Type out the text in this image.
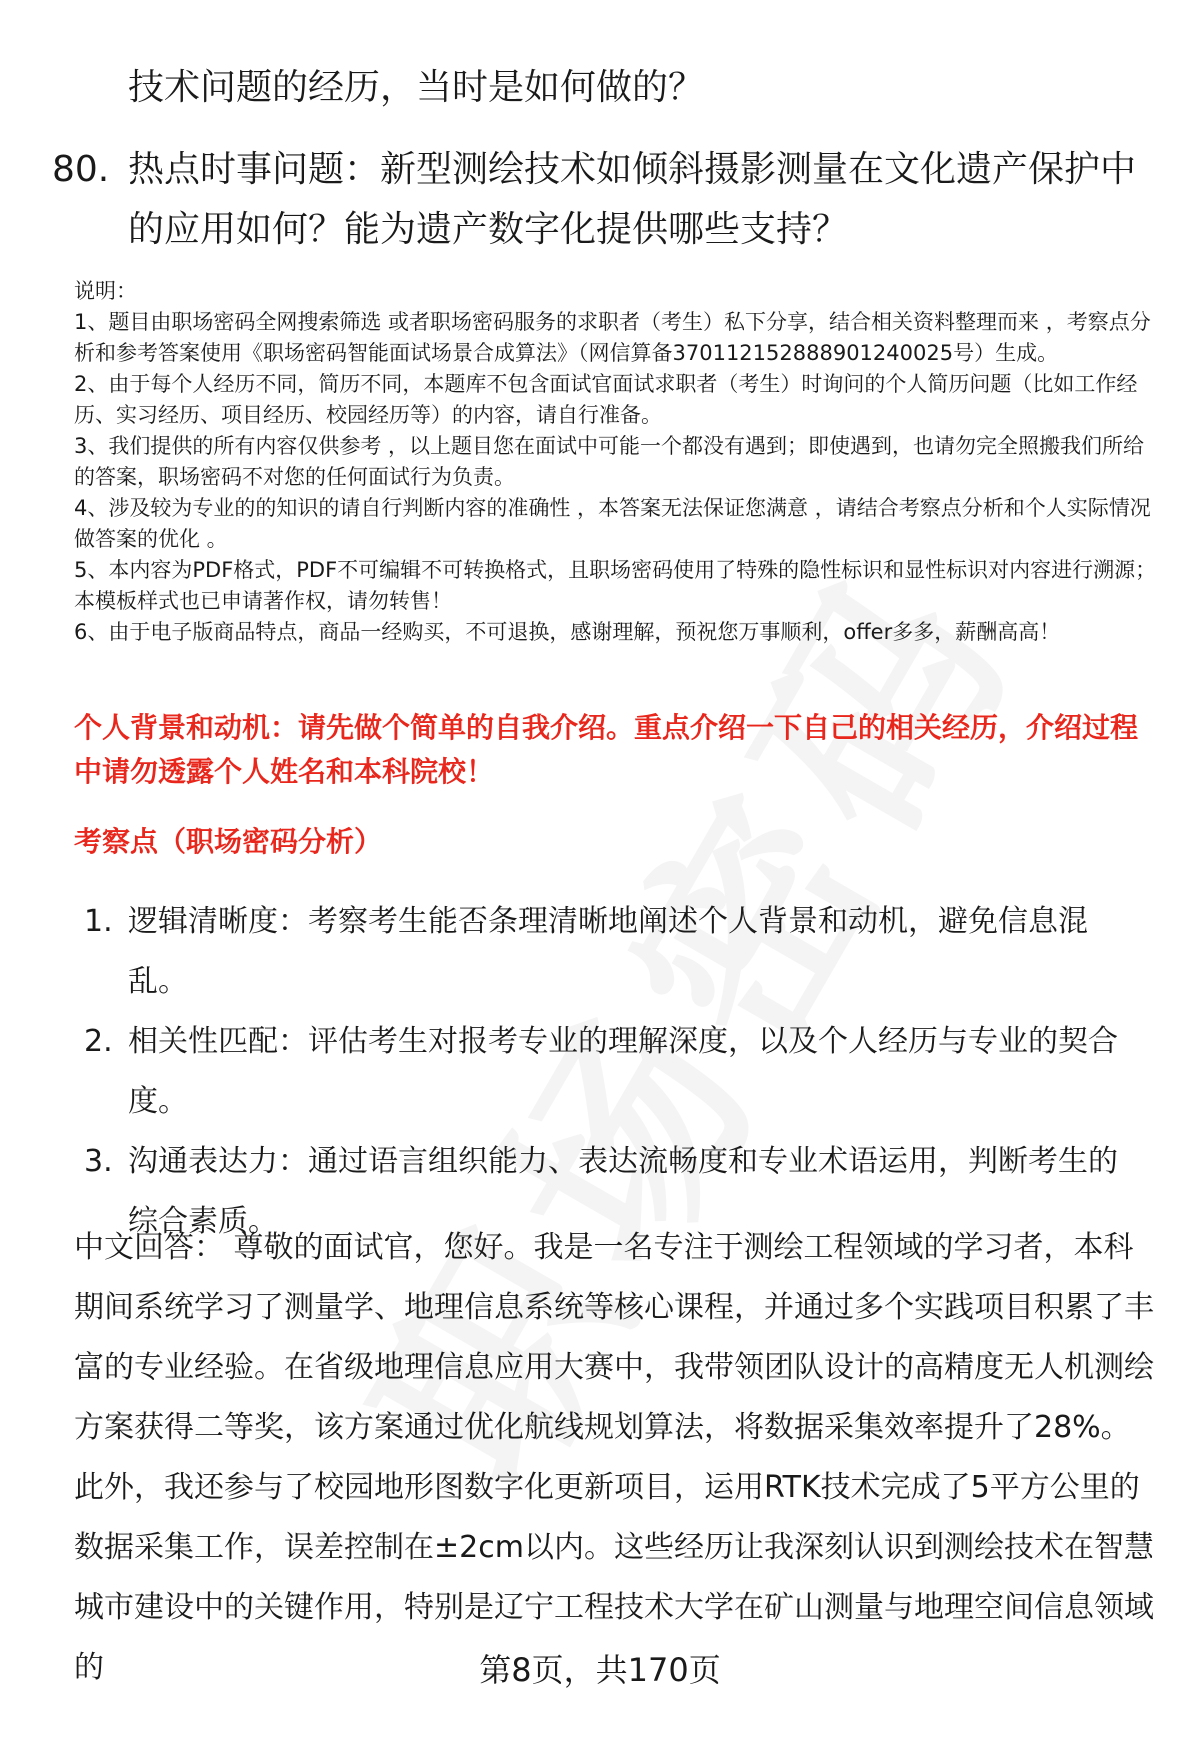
技术问题的经历，当时是如何做的？
80. 热点时事问题：新型测绘技术如倾斜摄影测量在文化遗产保护中的应用如何？能为遗产数字化提供哪些支持？

说明：

1、题目由职场密码全网搜索筛选 或者职场密码服务的求职者（考生）私下分享，结合相关资料整理而来 ，考察点分析和参考答案使用《职场密码智能面试场景合成算法》（网信算备370112152888901240025号）生成。

2、由于每个人经历不同，简历不同，本题库不包含面试官面试求职者（考生）时询问的个人简历问题（比如工作经历、实习经历、项目经历、校园经历等）的内容，请自行准备。

3、我们提供的所有内容仅供参考 ，以上题目您在面试中可能一个都没有遇到；即使遇到，也请勿完全照搬我们所给的答案，职场密码不对您的任何面试行为负责。

4、涉及较为专业的的知识的请自行判断内容的准确性 ，本答案无法保证您满意 ，请结合考察点分析和个人实际情况做答案的优化 。

5、本内容为PDF格式，PDF不可编辑不可转换格式，且职场密码使用了特殊的隐性标识和显性标识对内容进行溯源；本模板样式也已申请著作权，请勿转售！

6、由于电子版商品特点，商品一经购买，不可退换，感谢理解，预祝您万事顺利，offer多多，薪酬高高！

个人背景和动机：请先做个简单的自我介绍。重点介绍一下自己的相关经历，介绍过程中请勿透露个人姓名和本科院校！
考察点（职场密码分析）
1. 逻辑清晰度：考察考生能否条理清晰地阐述个人背景和动机，避免信息混乱。
2. 相关性匹配：评估考生对报考专业的理解深度，以及个人经历与专业的契合度。
3. 沟通表达力：通过语言组织能力、表达流畅度和专业术语运用，判断考生的综合素质。
中文回答： 尊敬的面试官，您好。我是一名专注于测绘工程领域的学习者，本科期间系统学习了测量学、地理信息系统等核心课程，并通过多个实践项目积累了丰富的专业经验。在省级地理信息应用大赛中，我带领团队设计的高精度无人机测绘方案获得二等奖，该方案通过优化航线规划算法，将数据采集效率提升了28%。此外，我还参与了校园地形图数字化更新项目，运用RTK技术完成了5平方公里的数据采集工作，误差控制在±2cm以内。这些经历让我深刻认识到测绘技术在智慧城市建设中的关键作用，特别是辽宁工程技术大学在矿山测量与地理空间信息领域的	第8页，共170页
